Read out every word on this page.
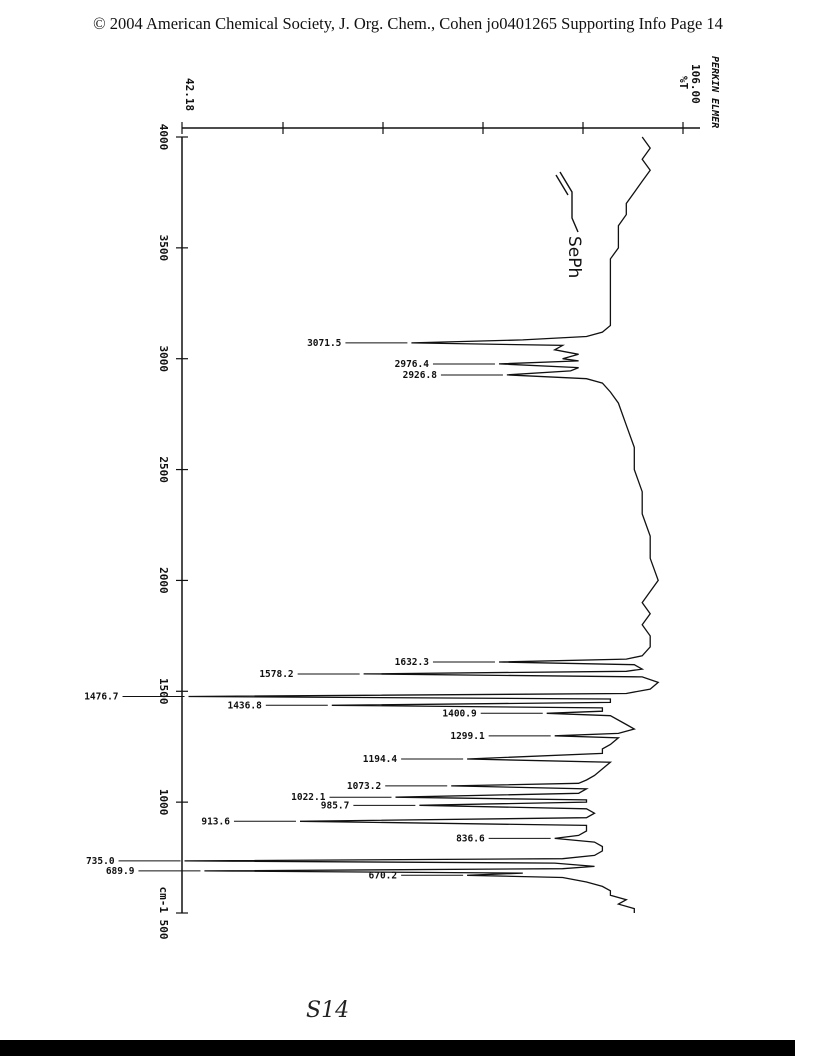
© 2004 American Chemical Society, J. Org. Chem., Cohen jo0401265 Supporting Info Page 14
42.18	106.00
%T PERKIN ELMER
4000
3500
3000
2500
2000
1500
1000
cm-1 500
3071.5
2976.4
2926.8
1632.3
1578.2
1476.7
1436.8
1400.9
1299.1
1194.4
1073.2
1022.1
985.7
913.6
836.6
735.0
689.9	670.2
SePh
S14
